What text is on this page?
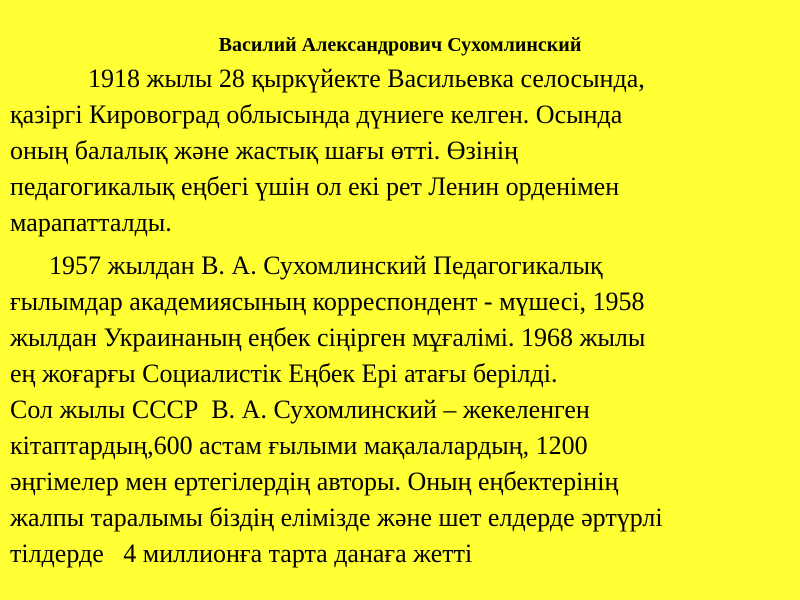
Василий Александрович Сухомлинский

1918 жылы 28 қыркүйекте Васильевка селосында,

қазіргі Кировоград облысында дүниеге келген. Осында

оның балалық және жастық шағы өтті. Өзінің

педагогикалық еңбегі үшін ол екі рет Ленин орденімен

марапатталды.

1957 жылдан В. А. Сухомлинский Педагогикалық

ғылымдар академиясының корреспондент - мүшесі, 1958

жылдан Украинаның еңбек сіңірген мұғалімі. 1968 жылы

ең жоғарғы Социалистік Еңбек Ері атағы берілді.

Сол жылы СССР  В. А. Сухомлинский – жекеленген

кітаптардың,600 астам ғылыми мақалалардың, 1200

әңгімелер мен ертегілердің авторы. Оның еңбектерінің

жалпы таралымы біздің елімізде және шет елдерде әртүрлі

тілдерде   4 миллионға тарта данаға жетті
